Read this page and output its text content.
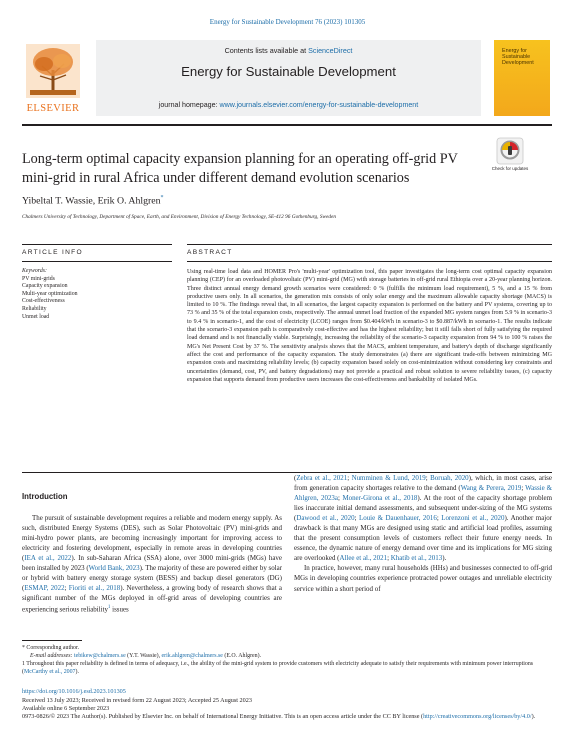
Energy for Sustainable Development 76 (2023) 101305
ELSEVIER
Contents lists available at ScienceDirect
Energy for Sustainable Development
journal homepage: www.journals.elsevier.com/energy-for-sustainable-development
Energy for Sustainable Development
Long-term optimal capacity expansion planning for an operating off-grid PV mini-grid in rural Africa under different demand evolution scenarios
Check for updates
Yibeltal T. Wassie, Erik O. Ahlgren*
Chalmers University of Technology, Department of Space, Earth, and Environment, Division of Energy Technology, SE-412 96 Gothenburg, Sweden
ARTICLE INFO
Keywords:
PV mini-grids
Capacity expansion
Multi-year optimization
Cost-effectiveness
Reliability
Unmet load
ABSTRACT
Using real-time load data and HOMER Pro's 'multi-year' optimization tool, this paper investigates the long-term cost optimal capacity expansion planning (CEP) for an overloaded photovoltaic (PV) mini-grid (MG) with storage batteries in off-grid rural Ethiopia over a 20-year planning horizon. Three distinct annual energy demand growth scenarios were considered: 0 % (fulfills the minimum load requirement), 5 %, and a 15 % from productive users only. In all scenarios, the generation mix consists of only solar energy and the maximum allowable capacity shortage (MACS) is limited to 10 %. The findings reveal that, in all scenarios, the largest capacity expansion is performed on the battery and PV systems, covering up to 73 % and 35 % of the total expansion costs, respectively. The annual unmet load fraction of the expanded MG system ranges from 5.9 % in scenario-3 to 9.4 % in scenario-1, and the cost of electricity (LCOE) ranges from $0.404/kWh in scenario-3 to $0.887/kWh in scenario-1. The results indicate that the scenario-3 expansion path is comparatively cost-effective and has the highest reliability; but it still falls short of fully satisfying the required load demand and is not financially viable. Surprisingly, increasing the reliability of the scenario-3 capacity expansion from 94 % to 100 % raises the MG's Net Present Cost by 37 %. The sensitivity analysis shows that the MACS, ambient temperature, and battery's depth of discharge significantly affect the cost and performance of the capacity expansion. The study demonstrates (a) there are significant trade-offs between minimizing MG expansion costs and maximizing reliability levels; (b) capacity expansion based solely on cost-minimization without considering key constraints and uncertainties (demand, cost, PV, and battery degradations) may not provide a practical and robust solution to severe reliability issues, (c) capacity expansion that supports demand from productive users increases the cost-effectiveness and bankability of isolated MGs.
Introduction
The pursuit of sustainable development requires a reliable and modern energy supply. As such, distributed Energy Systems (DES), such as Solar Photovoltaic (PV) mini-grids and mini-hydro power plants, are becoming increasingly important for improving access to electricity and fostering development, especially in remote areas in developing countries (IEA et al., 2022). In sub-Saharan Africa (SSA) alone, over 3000 mini-grids (MGs) have been installed by 2023 (World Bank, 2023). The majority of these are powered either by solar or hybrid with battery energy storage system (BESS) and backup diesel generators (DG) (ESMAP, 2022; Fioriti et al., 2018). Nevertheless, a growing body of research shows that a significant number of the MGs deployed in off-grid areas of developing countries are experiencing serious reliability$^1$ issues

(Zebra et al., 2021; Numminen & Lund, 2019; Boruah, 2020), which, in most cases, arise from generation capacity shortages relative to the demand (Wang & Perera, 2019; Wassie & Ahlgren, 2023a; Moner-Girona et al., 2018). At the root of the capacity shortage problem lies inaccurate initial demand assessments, and subsequent under-sizing of the MG systems (Dawood et al., 2020; Louie & Dauenhauer, 2016; Lorenzoni et al., 2020). Another major drawback is that many MGs are designed using static and artificial load profiles, assuming that the present consumption levels of customers reflect their future energy needs. In essence, the dynamic nature of energy demand over time and its implications for MG sizing are overlooked (Allee et al., 2021; Khatib et al., 2013).

In practice, however, many rural households (HHs) and businesses connected to off-grid MGs in developing countries experience protracted power outages and unreliable electricity service within a short period of

* Corresponding author.
E-mail addresses: tebikew@chalmers.se (Y.T. Wassie), erik.ahlgren@chalmers.se (E.O. Ahlgren).
1 Throughout this paper reliability is defined in terms of adequacy, i.e., the ability of the mini-grid system to provide customers with electricity adequate to satisfy their requirements with minimum power interruptions (McCarthy et al., 2007).
https://doi.org/10.1016/j.esd.2023.101305
Received 13 July 2023; Received in revised form 22 August 2023; Accepted 25 August 2023
Available online 6 September 2023
0973-0826/© 2023 The Author(s). Published by Elsevier Inc. on behalf of International Energy Initiative. This is an open access article under the CC BY license (http://creativecommons.org/licenses/by/4.0/).
